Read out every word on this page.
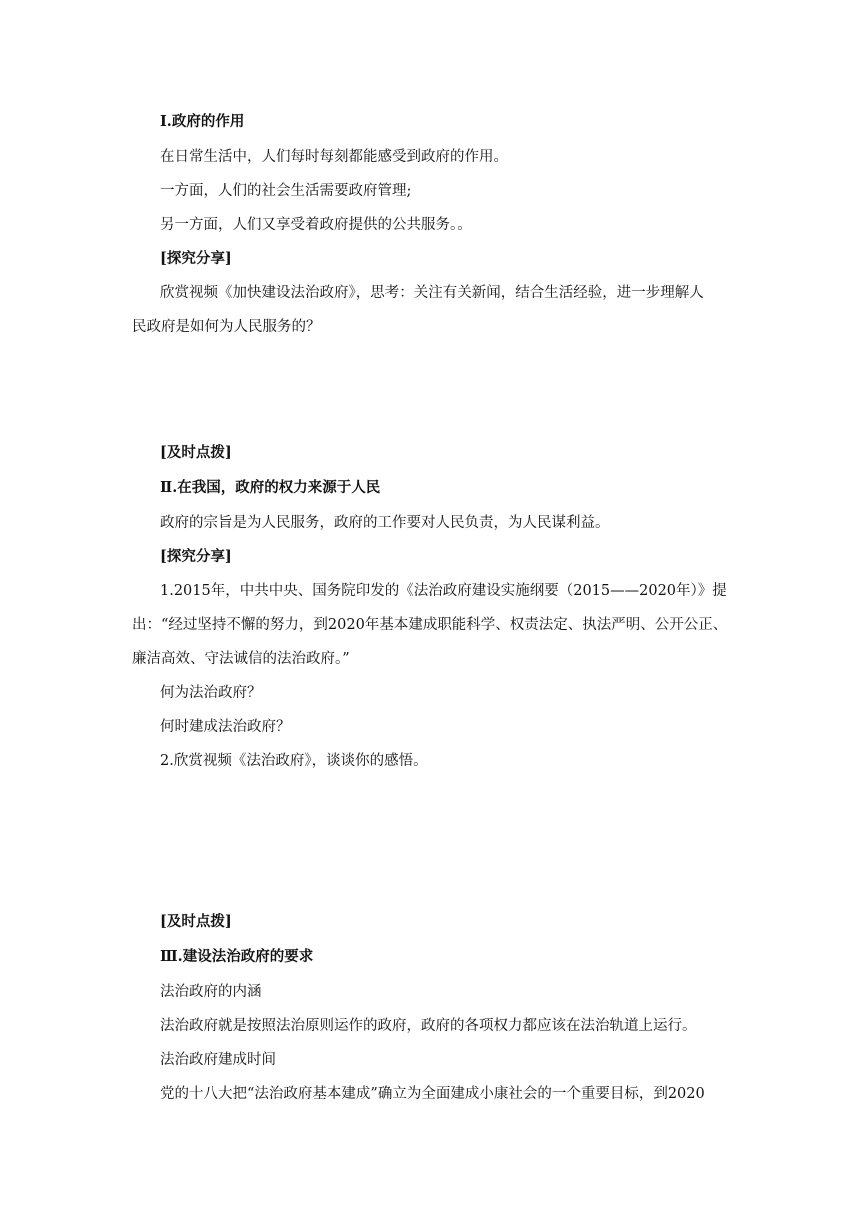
Ⅰ.政府的作用
在日常生活中，人们每时每刻都能感受到政府的作用。
一方面，人们的社会生活需要政府管理;
另一方面，人们又享受着政府提供的公共服务。。
[探究分享]
欣赏视频《加快建设法治政府》，思考：关注有关新闻，结合生活经验，进一步理解人
民政府是如何为人民服务的？
[及时点拨]
Ⅱ.在我国，政府的权力来源于人民
政府的宗旨是为人民服务，政府的工作要对人民负责，为人民谋利益。
[探究分享]
1.2015年，中共中央、国务院印发的《法治政府建设实施纲要（2015——2020年）》提
出：“经过坚持不懈的努力，到2020年基本建成职能科学、权责法定、执法严明、公开公正、
廉洁高效、守法诚信的法治政府。”
何为法治政府？
何时建成法治政府？
2.欣赏视频《法治政府》，谈谈你的感悟。
[及时点拨]
Ⅲ.建设法治政府的要求
法治政府的内涵
法治政府就是按照法治原则运作的政府，政府的各项权力都应该在法治轨道上运行。
法治政府建成时间
党的十八大把“法治政府基本建成”确立为全面建成小康社会的一个重要目标，到2020
